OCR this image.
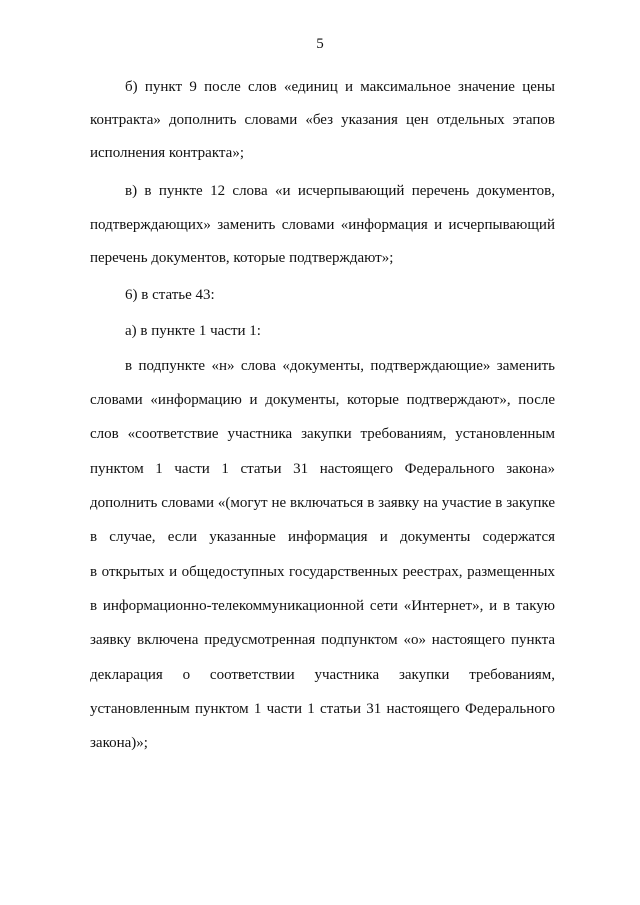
5
б) пункт 9 после слов «единиц и максимальное значение цены
контракта» дополнить словами «без указания цен отдельных этапов
исполнения контракта»;
в) в пункте 12 слова «и исчерпывающий перечень документов,
подтверждающих» заменить словами «информация и исчерпывающий
перечень документов, которые подтверждают»;
6) в статье 43:
а) в пункте 1 части 1:
в подпункте «н» слова «документы, подтверждающие» заменить
словами «информацию и документы, которые подтверждают», после
слов «соответствие участника закупки требованиям, установленным
пунктом 1 части 1 статьи 31 настоящего Федерального закона»
дополнить словами «(могут не включаться в заявку на участие в закупке
в случае, если указанные информация и документы содержатся
в открытых и общедоступных государственных реестрах, размещенных
в информационно-телекоммуникационной сети «Интернет», и в такую
заявку включена предусмотренная подпунктом «о» настоящего пункта
декларация о соответствии участника закупки требованиям,
установленным пунктом 1 части 1 статьи 31 настоящего Федерального
закона)»;
